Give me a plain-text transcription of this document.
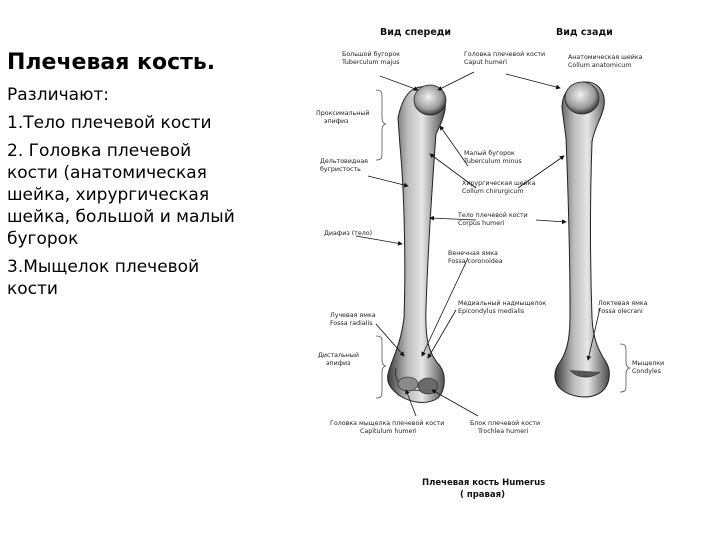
Плечевая кость.
Различают:
1.Тело плечевой кости
2. Головка плечевой кости (анатомическая шейка, хирургическая шейка, большой и малый бугорок
3.Мыщелок плечевой кости
Вид спереди	Вид сзади
Большой бугорок
Tuberculum majus
Головка плечевой кости
Caput humeri
Анатомическая шейка
Collum anatomicum
Проксимальный
эпифиз
Дельтовидная
бугристость
Малый бугорок
Tuberculum minus
Хирургическая шейка
Collum chirurgicum
Тело плечевой кости
Corpus humeri
Диафиз (тело)
Венечная ямка
Fossa coronoidea
Медиальный надмыщелок
Epicondylus medialis
Локтевая ямка
Fossa olecrani
Лучевая ямка
Fossa radialis
Дистальный
эпифиз	Мыщелки
Condyles
Головка мыщелка плечевой кости
Capitulum humeri
Блок плечевой кости
Trochlea humeri
Плечевая кость Humerus
( правая)
